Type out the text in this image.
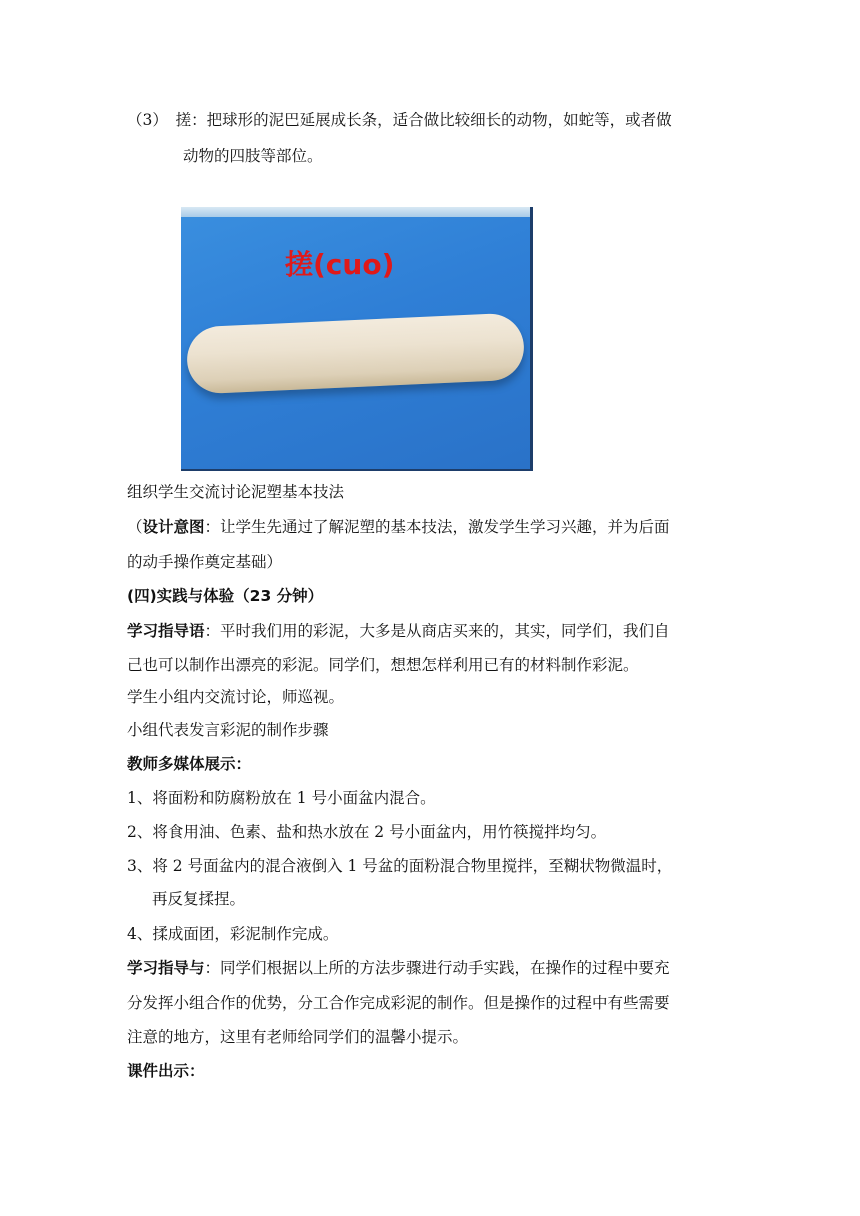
（3）　搓：把球形的泥巴延展成长条，适合做比较细长的动物，如蛇等，或者做
动物的四肢等部位。
搓(cuo)
组织学生交流讨论泥塑基本技法
（设计意图：让学生先通过了解泥塑的基本技法，激发学生学习兴趣，并为后面
的动手操作奠定基础）
(四)实践与体验（23 分钟）
学习指导语：平时我们用的彩泥，大多是从商店买来的，其实，同学们，我们自
己也可以制作出漂亮的彩泥。同学们，想想怎样利用已有的材料制作彩泥。
学生小组内交流讨论，师巡视。
小组代表发言彩泥的制作步骤
教师多媒体展示：
1、将面粉和防腐粉放在 1 号小面盆内混合。
2、将食用油、色素、盐和热水放在 2 号小面盆内，用竹筷搅拌均匀。
3、将 2 号面盆内的混合液倒入 1 号盆的面粉混合物里搅拌，至糊状物微温时，
再反复揉捏。
4、揉成面团，彩泥制作完成。
学习指导与：同学们根据以上所的方法步骤进行动手实践，在操作的过程中要充
分发挥小组合作的优势，分工合作完成彩泥的制作。但是操作的过程中有些需要
注意的地方，这里有老师给同学们的温馨小提示。
课件出示：
